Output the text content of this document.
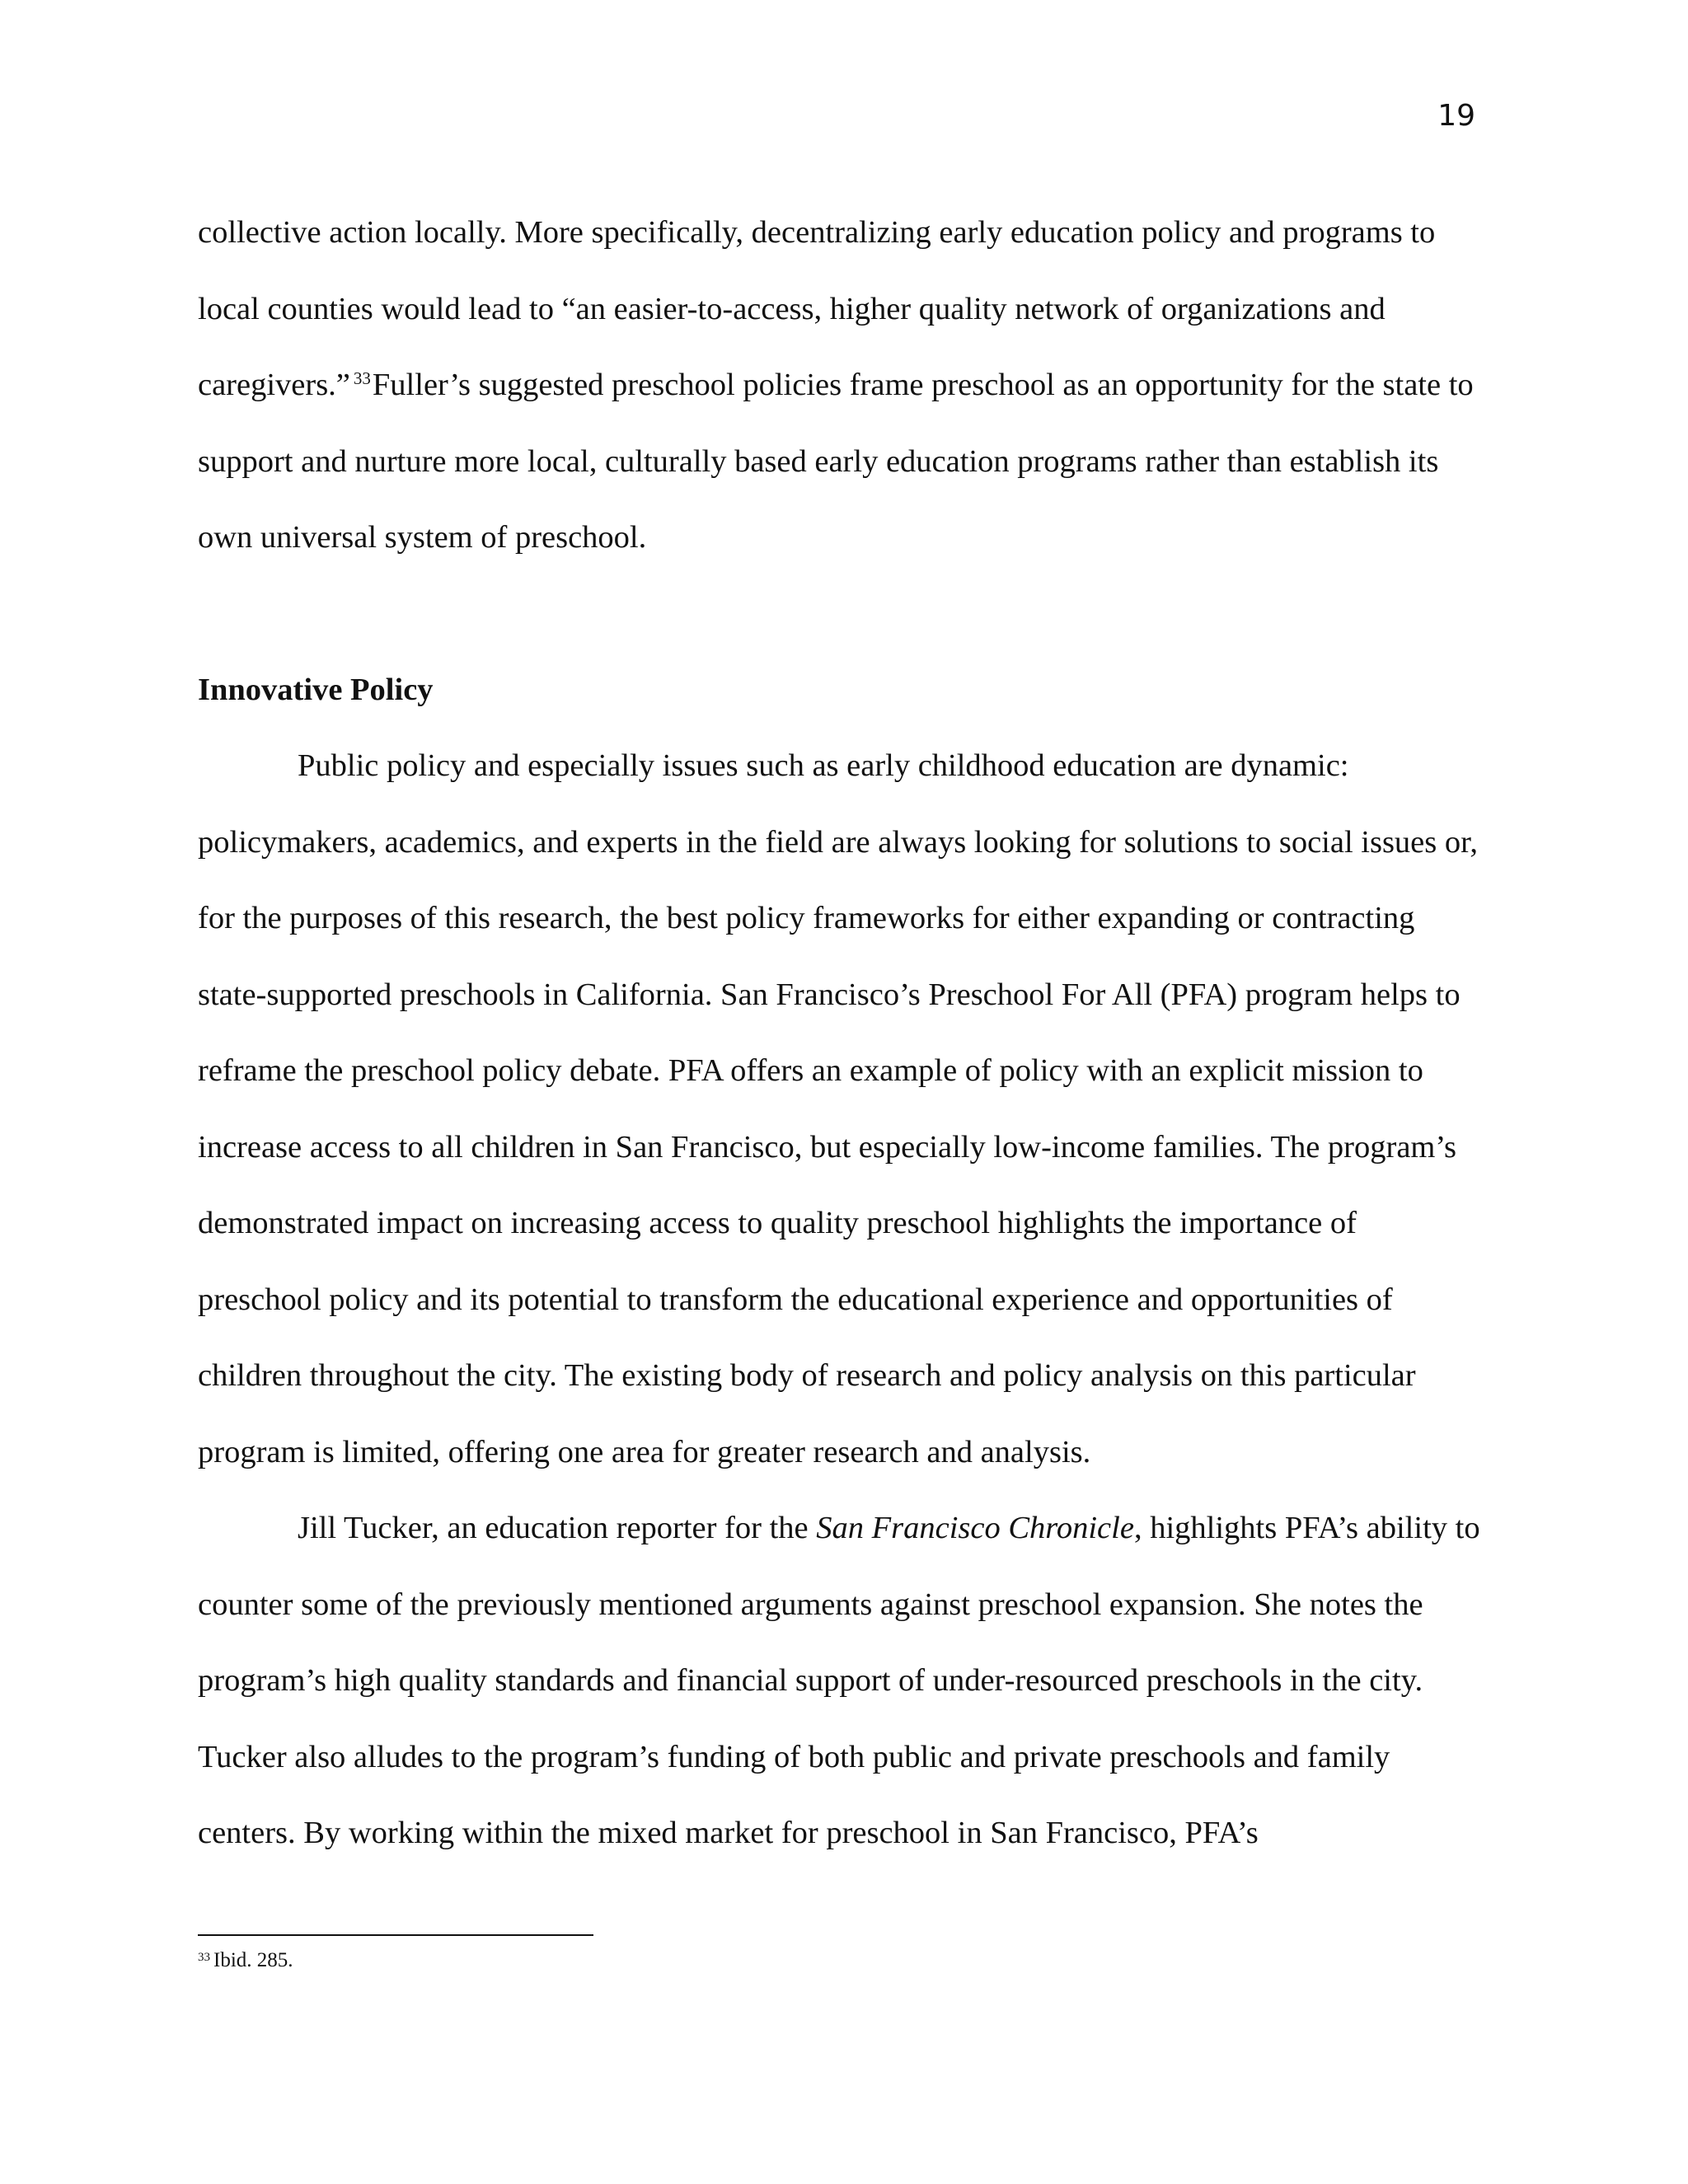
19

collective action locally. More specifically, decentralizing early education policy and programs to local counties would lead to “an easier-to-access, higher quality network of organizations and caregivers.” $^{33}$Fuller’s suggested preschool policies frame preschool as an opportunity for the state to support and nurture more local, culturally based early education programs rather than establish its own universal system of preschool.

Innovative Policy

Public policy and especially issues such as early childhood education are dynamic: policymakers, academics, and experts in the field are always looking for solutions to social issues or, for the purposes of this research, the best policy frameworks for either expanding or contracting state-supported preschools in California. San Francisco’s Preschool For All (PFA) program helps to reframe the preschool policy debate. PFA offers an example of policy with an explicit mission to increase access to all children in San Francisco, but especially low-income families. The program’s demonstrated impact on increasing access to quality preschool highlights the importance of preschool policy and its potential to transform the educational experience and opportunities of children throughout the city. The existing body of research and policy analysis on this particular program is limited, offering one area for greater research and analysis.

Jill Tucker, an education reporter for the San Francisco Chronicle, highlights PFA’s ability to counter some of the previously mentioned arguments against preschool expansion. She notes the program’s high quality standards and financial support of under-resourced preschools in the city. Tucker also alludes to the program’s funding of both public and private preschools and family centers. By working within the mixed market for preschool in San Francisco, PFA’s

$^{33}$ Ibid. 285.
